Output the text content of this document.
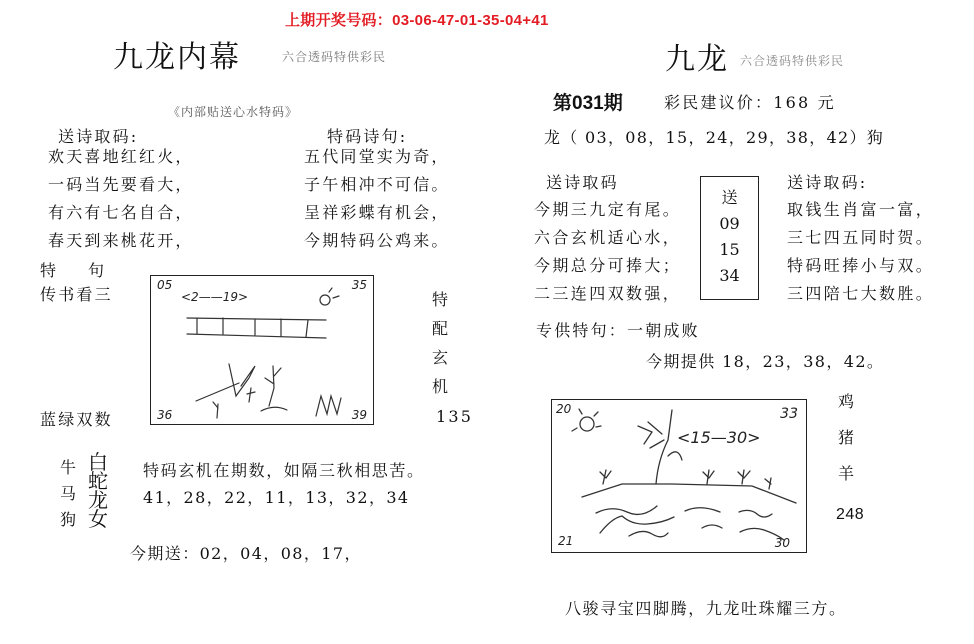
上期开奖号码：03-06-47-01-35-04+41
九龙内幕	六合透码特供彩民
《内部贴送心水特码》
送诗取码:
欢天喜地红红火，
一码当先要看大，
有六有七名自合，
春天到来桃花开，
特码诗句:
五代同堂实为奇，
子午相冲不可信。
呈祥彩蝶有机会，
今期特码公鸡来。
特　句
传书看三
蓝绿双数
05	35
36	39
<2——19>	特
配
玄
机
135
牛
马
狗
白
蛇
龙
女
特码玄机在期数，如隔三秋相思苦。
41，28，22，11，13，32，34
今期送：02，04，08，17，
九龙 六合透码特供彩民
第031期	彩民建议价：168 元
龙（ 03，08，15，24，29，38，42）狗
送诗取码
今期三九定有尾。
六合玄机适心水，
今期总分可捧大；
二三连四双数强，
送
09
15
34
送诗取码:
取钱生肖富一富，
三七四五同时贺。
特码旺捧小与双。
三四陪七大数胜。
专供特句：一朝成败
今期提供 18，23，38，42。
20	33
21	30
<15—30>
鸡
猪
羊
248
八骏寻宝四脚腾，九龙吐珠耀三方。
